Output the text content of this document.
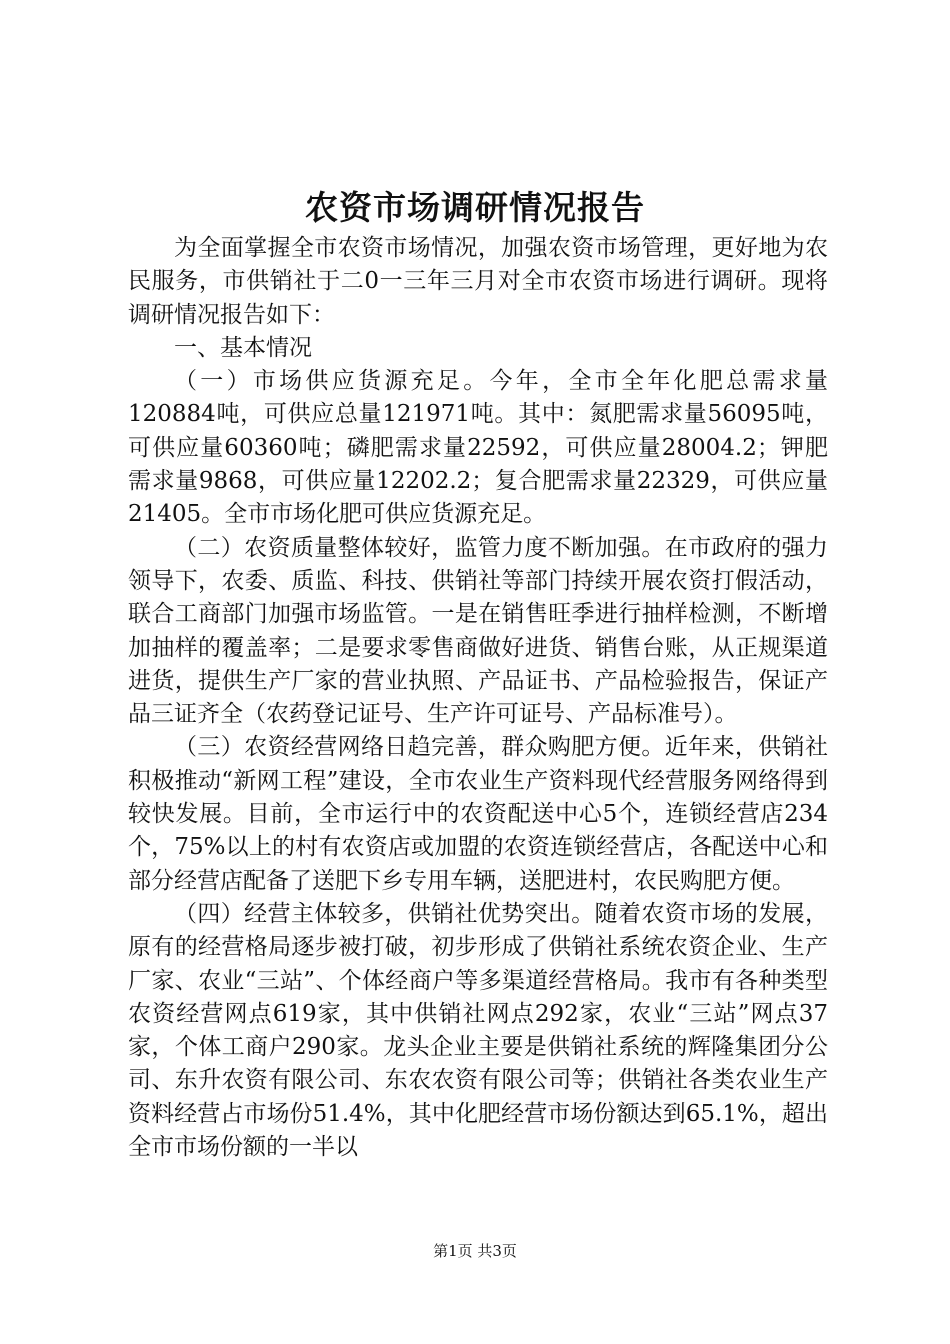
农资市场调研情况报告

为全面掌握全市农资市场情况，加强农资市场管理，更好地为农民服务，市供销社于二0一三年三月对全市农资市场进行调研。现将调研情况报告如下：

一、基本情况

（一）市场供应货源充足。今年，全市全年化肥总需求量120884吨，可供应总量121971吨。其中：氮肥需求量56095吨，可供应量60360吨；磷肥需求量22592，可供应量28004.2；钾肥需求量9868，可供应量12202.2；复合肥需求量22329，可供应量21405。全市市场化肥可供应货源充足。

（二）农资质量整体较好，监管力度不断加强。在市政府的强力领导下，农委、质监、科技、供销社等部门持续开展农资打假活动，联合工商部门加强市场监管。一是在销售旺季进行抽样检测，不断增加抽样的覆盖率；二是要求零售商做好进货、销售台账，从正规渠道进货，提供生产厂家的营业执照、产品证书、产品检验报告，保证产品三证齐全（农药登记证号、生产许可证号、产品标准号）。

（三）农资经营网络日趋完善，群众购肥方便。近年来，供销社积极推动“新网工程”建设，全市农业生产资料现代经营服务网络得到较快发展。目前，全市运行中的农资配送中心5个，连锁经营店234个，75%以上的村有农资店或加盟的农资连锁经营店，各配送中心和部分经营店配备了送肥下乡专用车辆，送肥进村，农民购肥方便。

（四）经营主体较多，供销社优势突出。随着农资市场的发展，原有的经营格局逐步被打破，初步形成了供销社系统农资企业、生产厂家、农业“三站”、个体经商户等多渠道经营格局。我市有各种类型农资经营网点619家，其中供销社网点292家，农业“三站”网点37家，个体工商户290家。龙头企业主要是供销社系统的辉隆集团分公司、东升农资有限公司、东农农资有限公司等；供销社各类农业生产资料经营占市场份51.4%，其中化肥经营市场份额达到65.1%，超出全市市场份额的一半以

第1页 共3页
